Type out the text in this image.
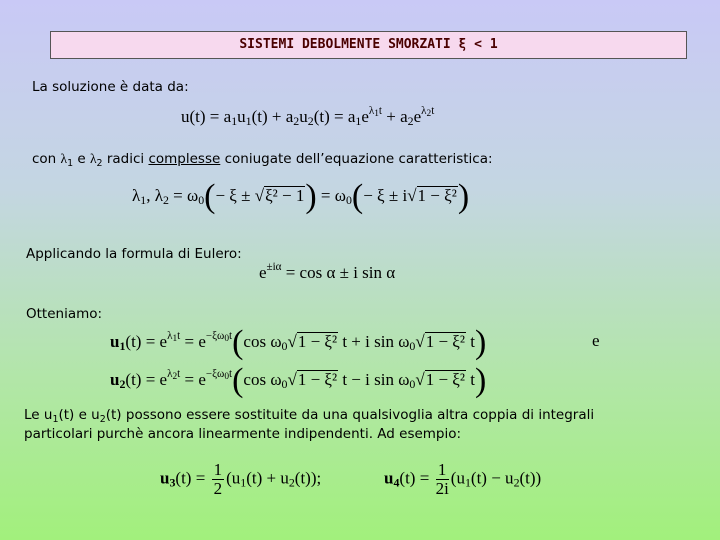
SISTEMI DEBOLMENTE SMORZATI ξ < 1
La soluzione è data da:
$u(t) = a_1u_1(t) + a_2u_2(t) = a_1e^{\lambda_1t} + a_2e^{\lambda_2t}$
con $\lambda_1$ e $\lambda_2$ radici complesse coniugate dell’equazione caratteristica:
$\lambda_1$, $\lambda_2 = \omega_0(- \xi \pm √\xi^2 - 1) = \omega_0(- \xi \pm i√1 - \xi^2)$
Applicando la formula di Eulero:
$e^{\pm i\alpha} = \cos \alpha \pm i$ sin α
Otteniamo:
$u_1(t) = e^{\lambda_1t} = e^{-\xi\omega_0t}(\cos$ $\omega_0√1 - \xi^2$ t + i $\sin \omega_0√1 - \xi^2$ t)	e
$u_2(t) = e^{\lambda_2t} = e^{-\xi\omega_0t}(\cos$ $\omega_0√1 - \xi^2$ t − i $\sin \omega_0√1 - \xi^2$ t)
Le $u_1(t)$ e $u_2(t)$ possono essere sostituite da una qualsivoglia altra coppia di integrali
particolari purchè ancora linearmente indipendenti. Ad esempio:
$u_3(t) = \frac{1}{2} (u_1(t) + u_2(t))$;	$u_4(t) = \frac{1}{2i} (u_1(t) - u_2(t))$
